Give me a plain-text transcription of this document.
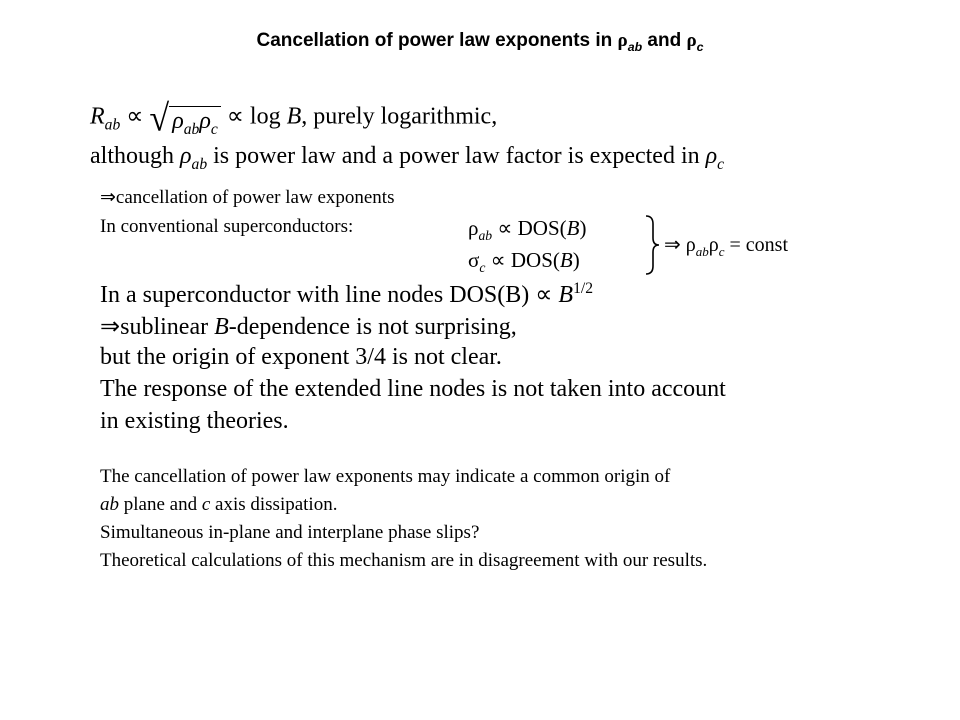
Cancellation of power law exponents in $\rho_{ab}$ and $\rho_c$
$R_{ab}$ ∝ √ $\rho_{ab}\rho_c \propto \log B$, purely logarithmic,
although $\rho_{ab}$ is power law and a power law factor is expected in $\rho_c$
⇒cancellation of power law exponents
In conventional superconductors:	$\rho_{ab} \propto DOS(B)$
$\sigma_c \propto DOS(B)$
⇒ $\rho_{ab}\rho_c$ = const
In a superconductor with line nodes $DOS(B) \propto B^{1/2}$
⇒sublinear B-dependence is not surprising,
but the origin of exponent 3/4 is not clear.
The response of the extended line nodes is not taken into account
in existing theories.
The cancellation of power law exponents may indicate a common origin of
ab plane and c axis dissipation.
Simultaneous in-plane and interplane phase slips?
Theoretical calculations of this mechanism are in disagreement with our results.
